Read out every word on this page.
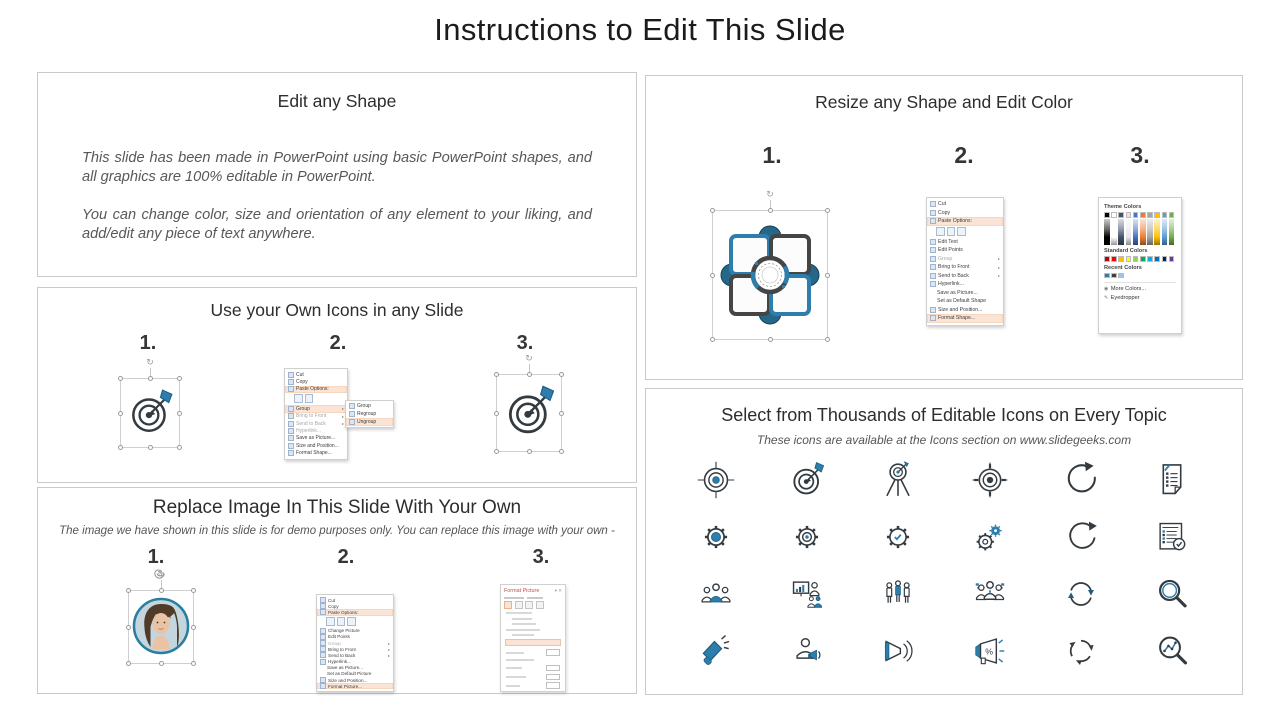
Instructions to Edit This Slide
Edit any Shape

This slide has been made in PowerPoint using basic PowerPoint shapes, and all graphics are 100% editable in PowerPoint.

You can change color, size and orientation of any element to your liking, and add/edit any piece of text anywhere.

Use your Own Icons in any Slide
1.	2.	3.
↻
Cut
Copy
Paste Options:
Group	▸
Bring to Front	▸
Send to Back	▸
Hyperlink...
Save as Picture...
Size and Position...
Format Shape...
Group
Regroup
Ungroup
↻
Replace Image In This Slide With Your Own
The image we have shown in this slide is for demo purposes only. You can replace this image with your own -
1.	2.	3.
↻
Cut
Copy
Paste Options:
Change Picture
Edit Points
Group	▸
Bring to Front	▸
Send to Back	▸
Hyperlink...
Save as Picture...
Set as Default Picture
Size and Position...
Format Picture...
Format Picture	▾ ✕
Resize any Shape and Edit Color
1.	2.	3.
↻
Cut
Copy
Paste Options:
Edit Text
Edit Points
Group	▸
Bring to Front	▸
Send to Back	▸
Hyperlink...
Save as Picture...
Set as Default Shape
Size and Position...
Format Shape...
Theme Colors
Standard Colors
Recent Colors
◉ More Colors...
✎ Eyedropper
Select from Thousands of Editable Icons on Every Topic
These icons are available at the Icons section on www.slidegeeks.com
